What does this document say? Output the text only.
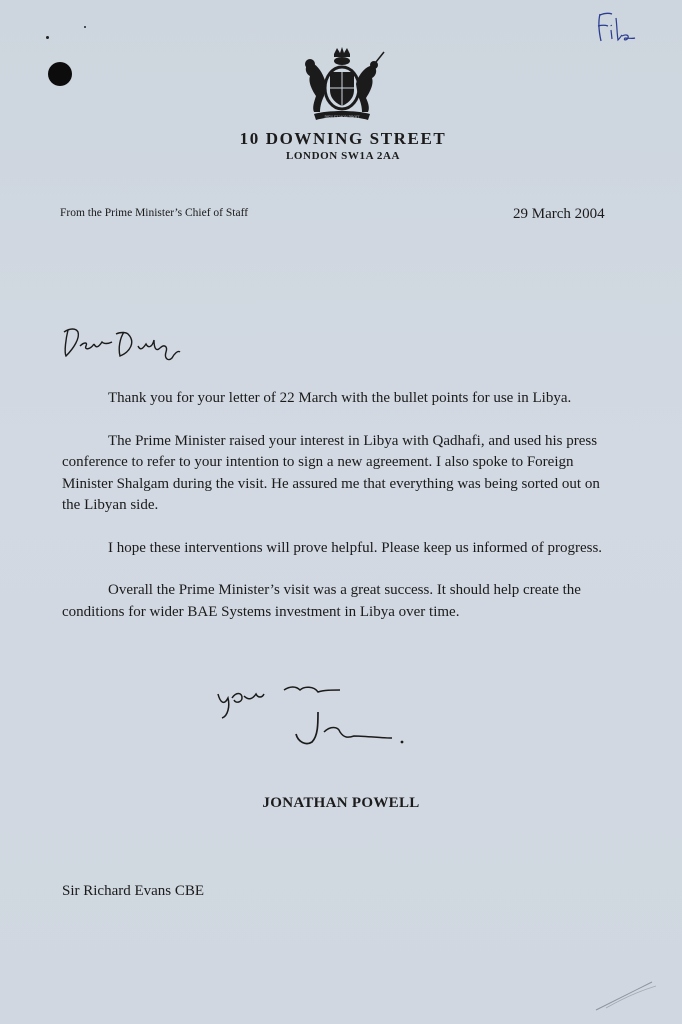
DIEU ET MON DROIT
10 DOWNING STREET
LONDON SW1A 2AA
From the Prime Minister’s Chief of Staff	29 March 2004

Thank you for your letter of 22 March with the bullet points for use in Libya.

The Prime Minister raised your interest in Libya with Qadhafi, and used his press conference to refer to your intention to sign a new agreement. I also spoke to Foreign Minister Shalgam during the visit. He assured me that everything was being sorted out on the Libyan side.

I hope these interventions will prove helpful. Please keep us informed of progress.

Overall the Prime Minister’s visit was a great success. It should help create the conditions for wider BAE Systems investment in Libya over time.

JONATHAN POWELL
Sir Richard Evans CBE
